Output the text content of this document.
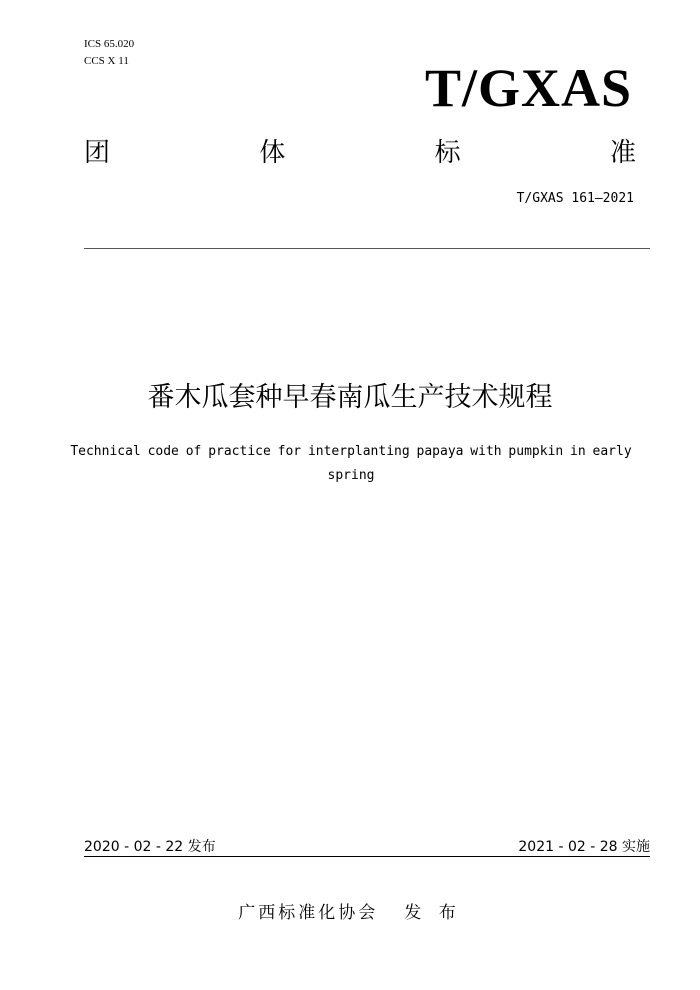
ICS 65.020
CCS X 11	T/GXAS
团	体	标	准
T/GXAS 161—2021
番木瓜套种早春南瓜生产技术规程
Technical code of practice for interplanting papaya with pumpkin in early spring
2020 - 02 - 22 发布	2021 - 02 - 28 实施
广西标准化协会 发 布
